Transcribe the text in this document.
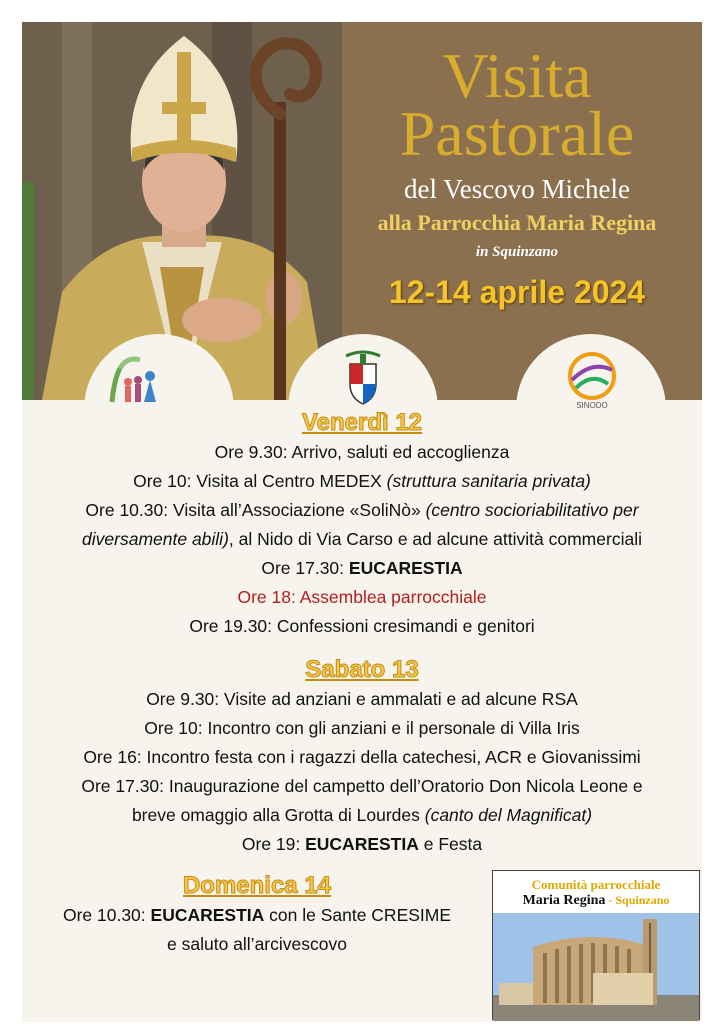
Visita
Pastorale
del Vescovo Michele
alla Parrocchia Maria Regina
in Squinzano
12-14 aprile 2024
SINODO
Venerdì 12
Ore 9.30: Arrivo, saluti ed accoglienza
Ore 10: Visita al Centro MEDEX (struttura sanitaria privata)
Ore 10.30: Visita all’Associazione «SoliNò» (centro socioriabilitativo per
diversamente abili), al Nido di Via Carso e ad alcune attività commerciali
Ore 17.30: EUCARESTIA
Ore 18: Assemblea parrocchiale
Ore 19.30: Confessioni cresimandi e genitori
Sabato 13
Ore 9.30: Visite ad anziani e ammalati e ad alcune RSA
Ore 10: Incontro con gli anziani e il personale di Villa Iris
Ore 16: Incontro festa con i ragazzi della catechesi, ACR e Giovanissimi
Ore 17.30: Inaugurazione del campetto dell’Oratorio Don Nicola Leone e
breve omaggio alla Grotta di Lourdes (canto del Magnificat)
Ore 19: EUCARESTIA e Festa
Domenica 14
Ore 10.30: EUCARESTIA con le Sante CRESIME
e saluto all’arcivescovo
Comunità parrocchiale
Maria Regina - Squinzano
